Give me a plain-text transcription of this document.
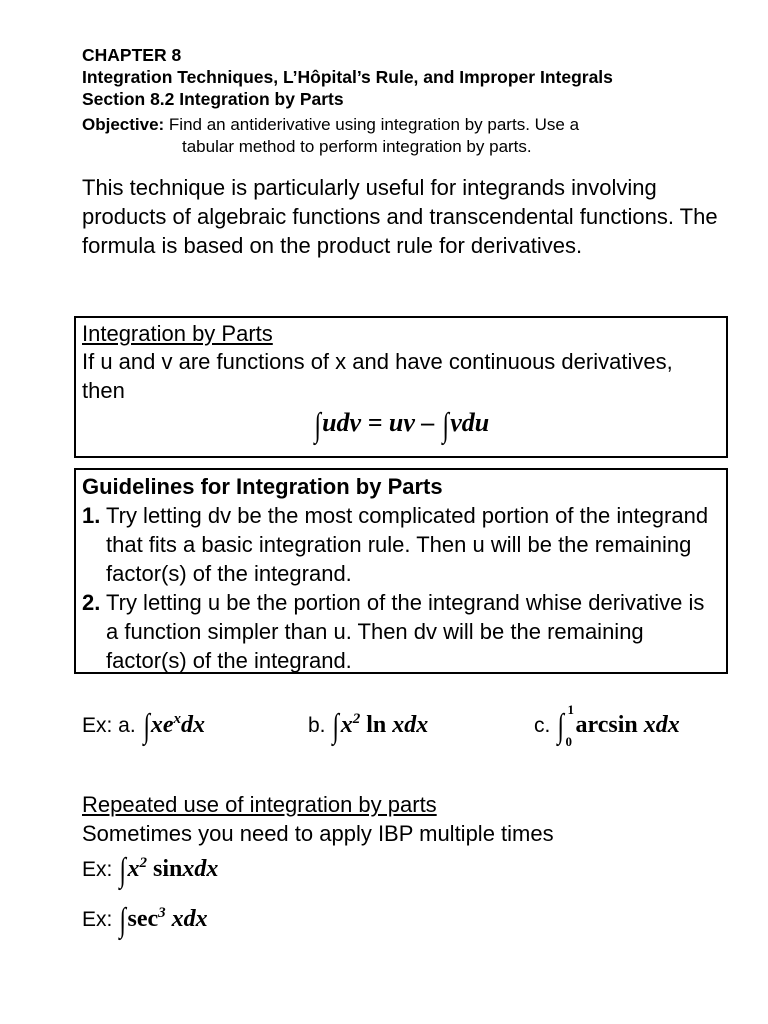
CHAPTER 8
Integration Techniques, L’Hôpital’s Rule, and Improper Integrals
Section 8.2 Integration by Parts
Objective: Find an antiderivative using integration by parts. Use a
tabular method to perform integration by parts.
This technique is particularly useful for integrands involving products of algebraic functions and transcendental functions. The formula is based on the product rule for derivatives.
Integration by Parts
If u and v are functions of x and have continuous derivatives, then
∫udv = uv – ∫vdu
Guidelines for Integration by Parts
1. Try letting dv be the most complicated portion of the integrand that fits a basic integration rule. Then u will be the remaining factor(s) of the integrand.
2. Try letting u be the portion of the integrand whise derivative is a function simpler than u. Then dv will be the remaining factor(s) of the integrand.
Ex: a. $\int xe^xdx$	b. $\int x^2$ ln xdx	c. ∫ 1
0
arcsin xdx
Repeated use of integration by parts
Sometimes you need to apply IBP multiple times
Ex: $\int x^2$ sinxdx
Ex: $\int\sec^3$ xdx
